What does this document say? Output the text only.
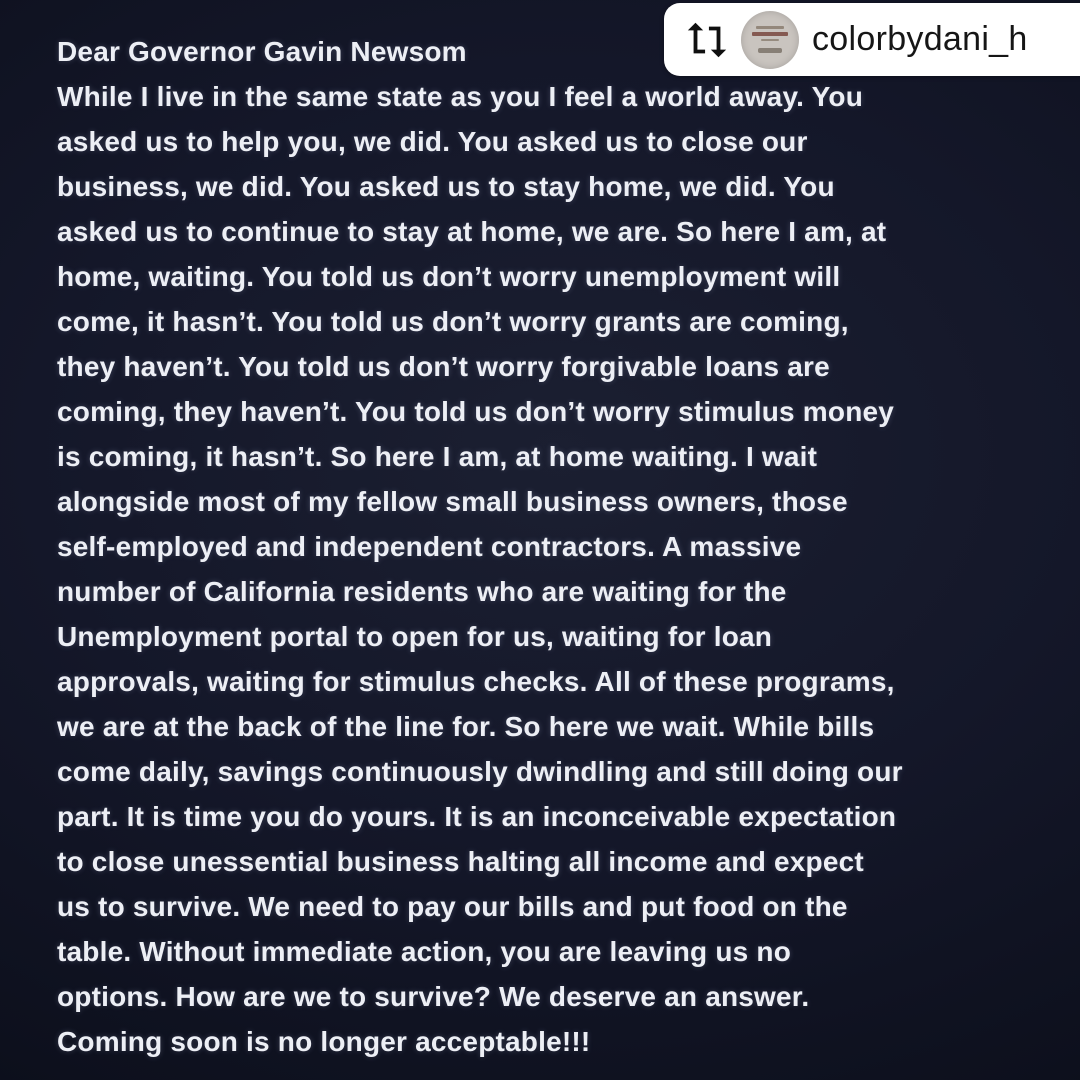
Dear Governor Gavin Newsom
While I live in the same state as you I feel a world away. You
asked us to help you, we did. You asked us to close our
business, we did. You asked us to stay home, we did. You
asked us to continue to stay at home, we are. So here I am, at
home, waiting. You told us don’t worry unemployment will
come, it hasn’t. You told us don’t worry grants are coming,
they haven’t. You told us don’t worry forgivable loans are
coming, they haven’t. You told us don’t worry stimulus money
is coming, it hasn’t. So here I am, at home waiting. I wait
alongside most of my fellow small business owners, those
self-employed and independent contractors. A massive
number of California residents who are waiting for the
Unemployment portal to open for us, waiting for loan
approvals, waiting for stimulus checks. All of these programs,
we are at the back of the line for. So here we wait. While bills
come daily, savings continuously dwindling and still doing our
part. It is time you do yours. It is an inconceivable expectation
to close unessential business halting all income and expect
us to survive. We need to pay our bills and put food on the
table. Without immediate action, you are leaving us no
options. How are we to survive? We deserve an answer.
Coming soon is no longer acceptable!!!
colorbydani_h
